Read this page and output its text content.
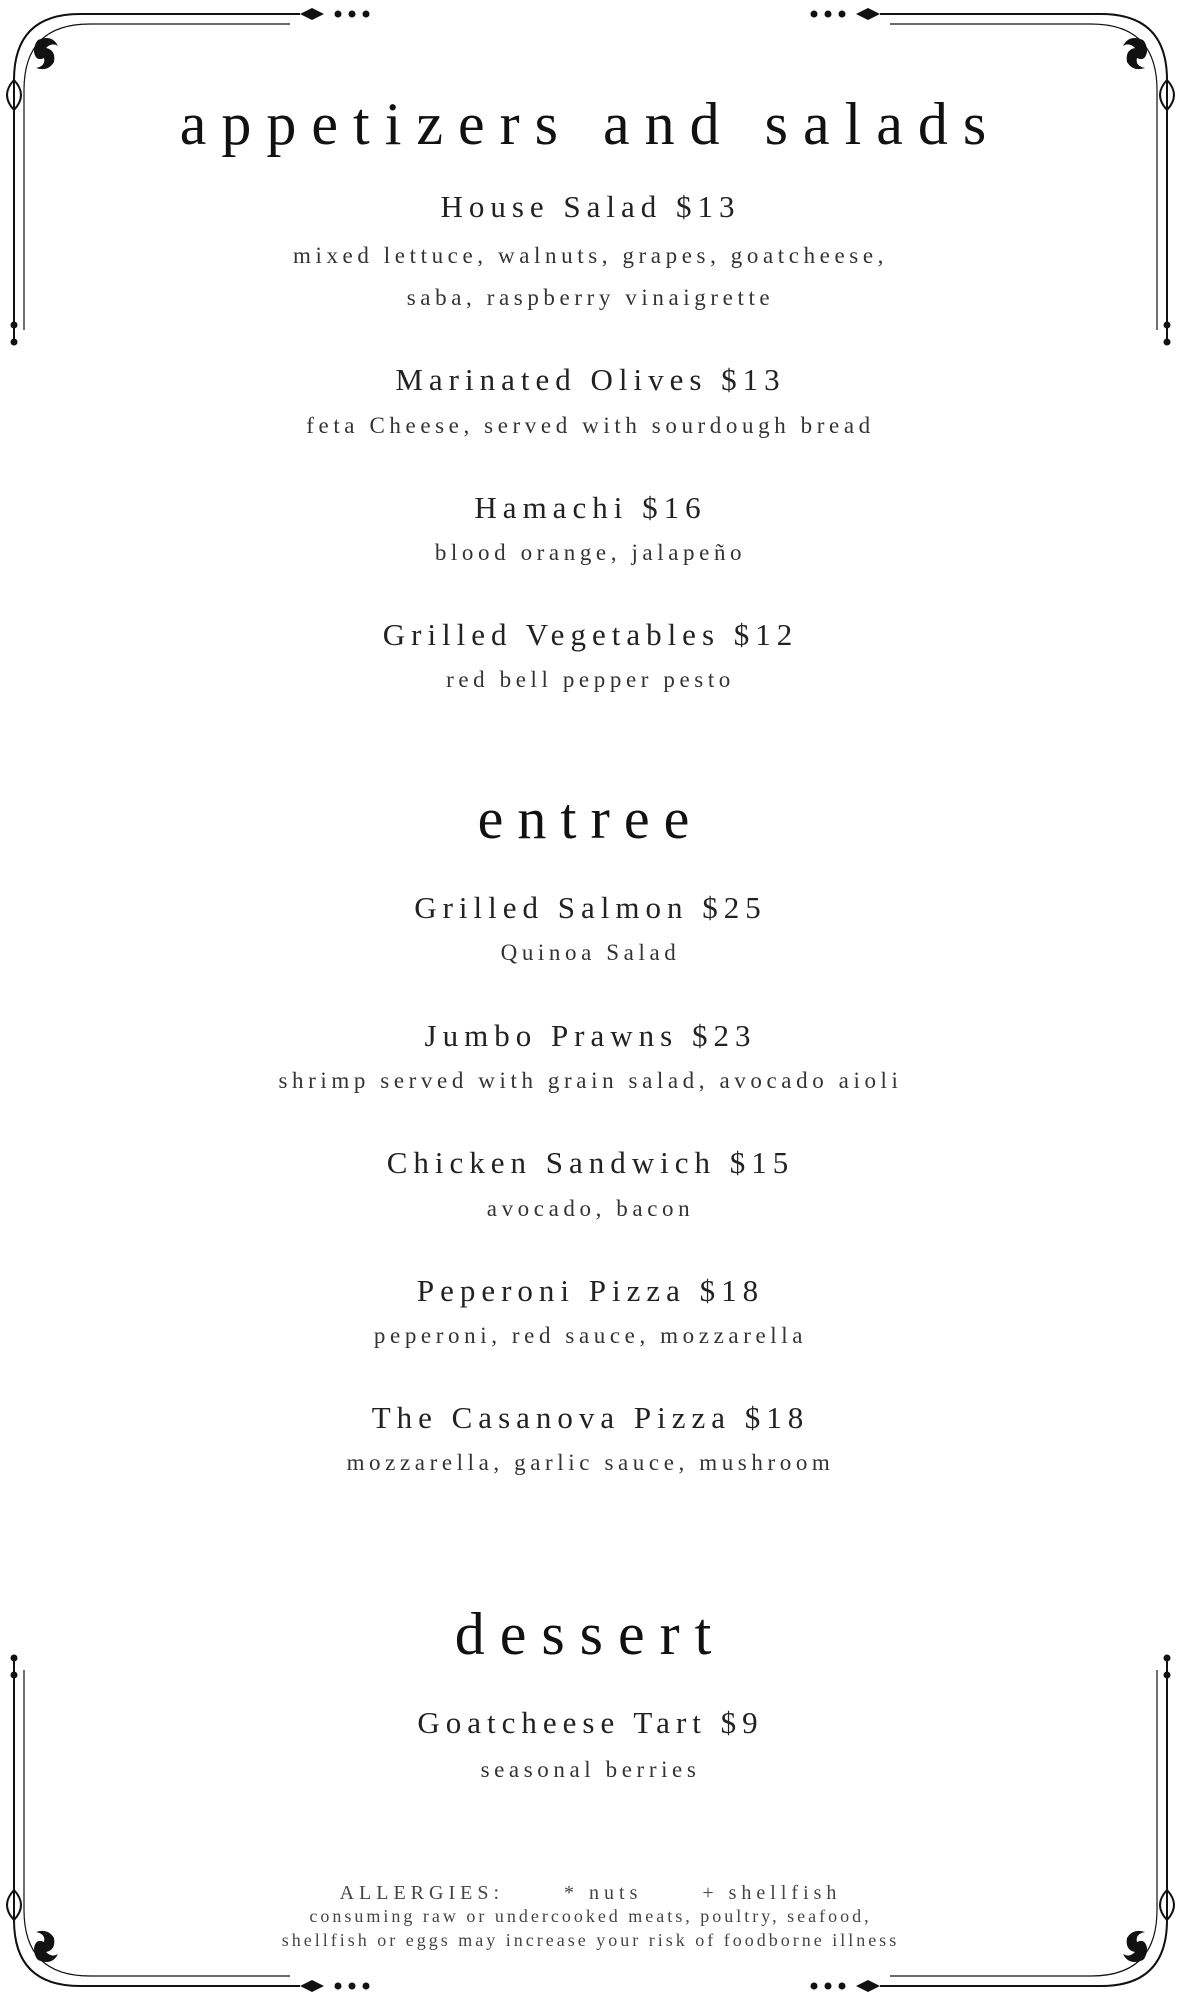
appetizers and salads
House Salad $13
mixed lettuce, walnuts, grapes, goatcheese,
saba, raspberry vinaigrette
Marinated Olives $13
feta Cheese, served with sourdough bread
Hamachi $16
blood orange, jalapeño
Grilled Vegetables $12
red bell pepper pesto
entree
Grilled Salmon $25
Quinoa Salad
Jumbo Prawns $23
shrimp served with grain salad, avocado aioli
Chicken Sandwich $15
avocado, bacon
Peperoni Pizza $18
peperoni, red sauce, mozzarella
The Casanova Pizza $18
mozzarella, garlic sauce, mushroom
dessert
Goatcheese Tart $9
seasonal berries
ALLERGIES:	* nuts	+ shellfish
consuming raw or undercooked meats, poultry, seafood,
shellfish or eggs may increase your risk of foodborne illness
